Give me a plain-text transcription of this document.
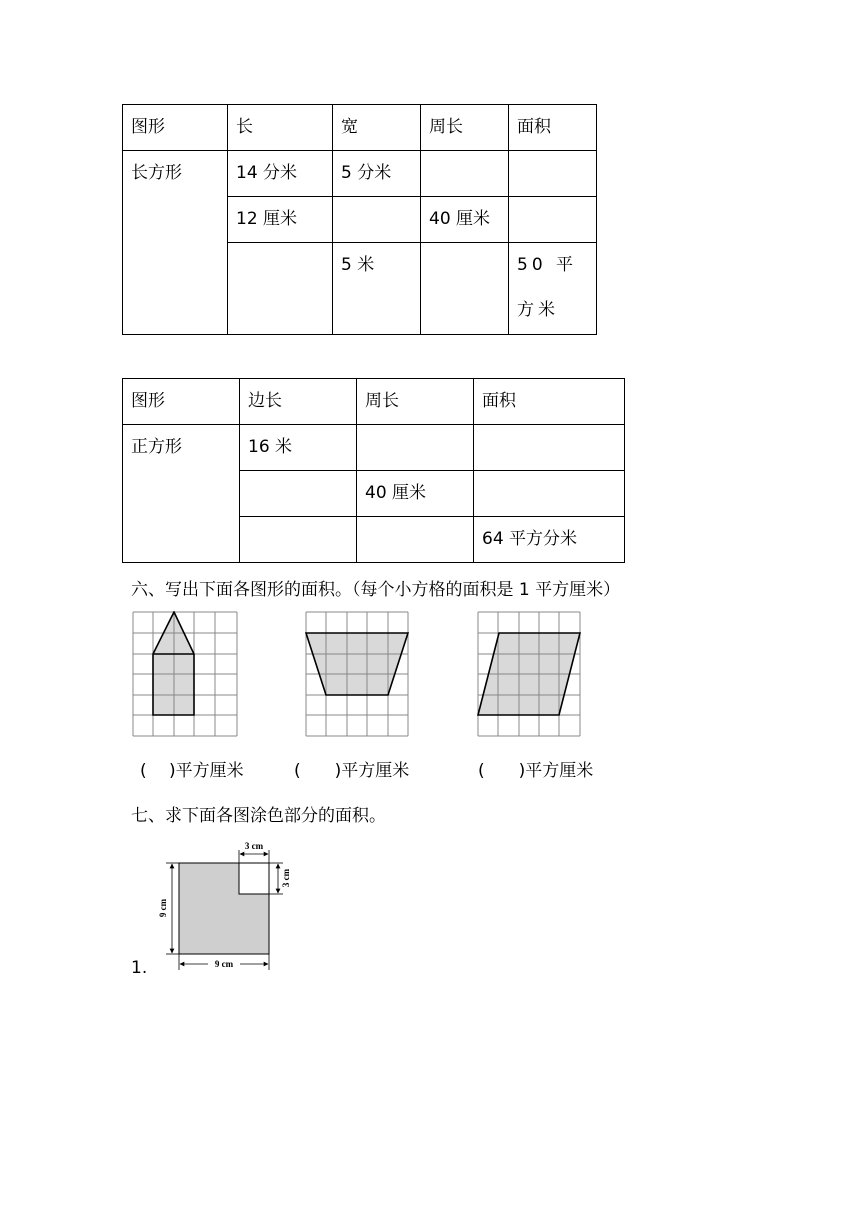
图形	长	宽	周长	面积
长方形	14 分米	5 分米		
	12 厘米		40 厘米	
		5 米		50 平方米
图形	边长	周长	面积
正方形	16 米		
		40 厘米	
			64 平方分米
六、写出下面各图形的面积。（每个小方格的面积是 1 平方厘米）
(　 )平方厘米	(　　)平方厘米	(　　)平方厘米
七、求下面各图涂色部分的面积。
1.
3 cm
3 cm
9 cm
9 cm
